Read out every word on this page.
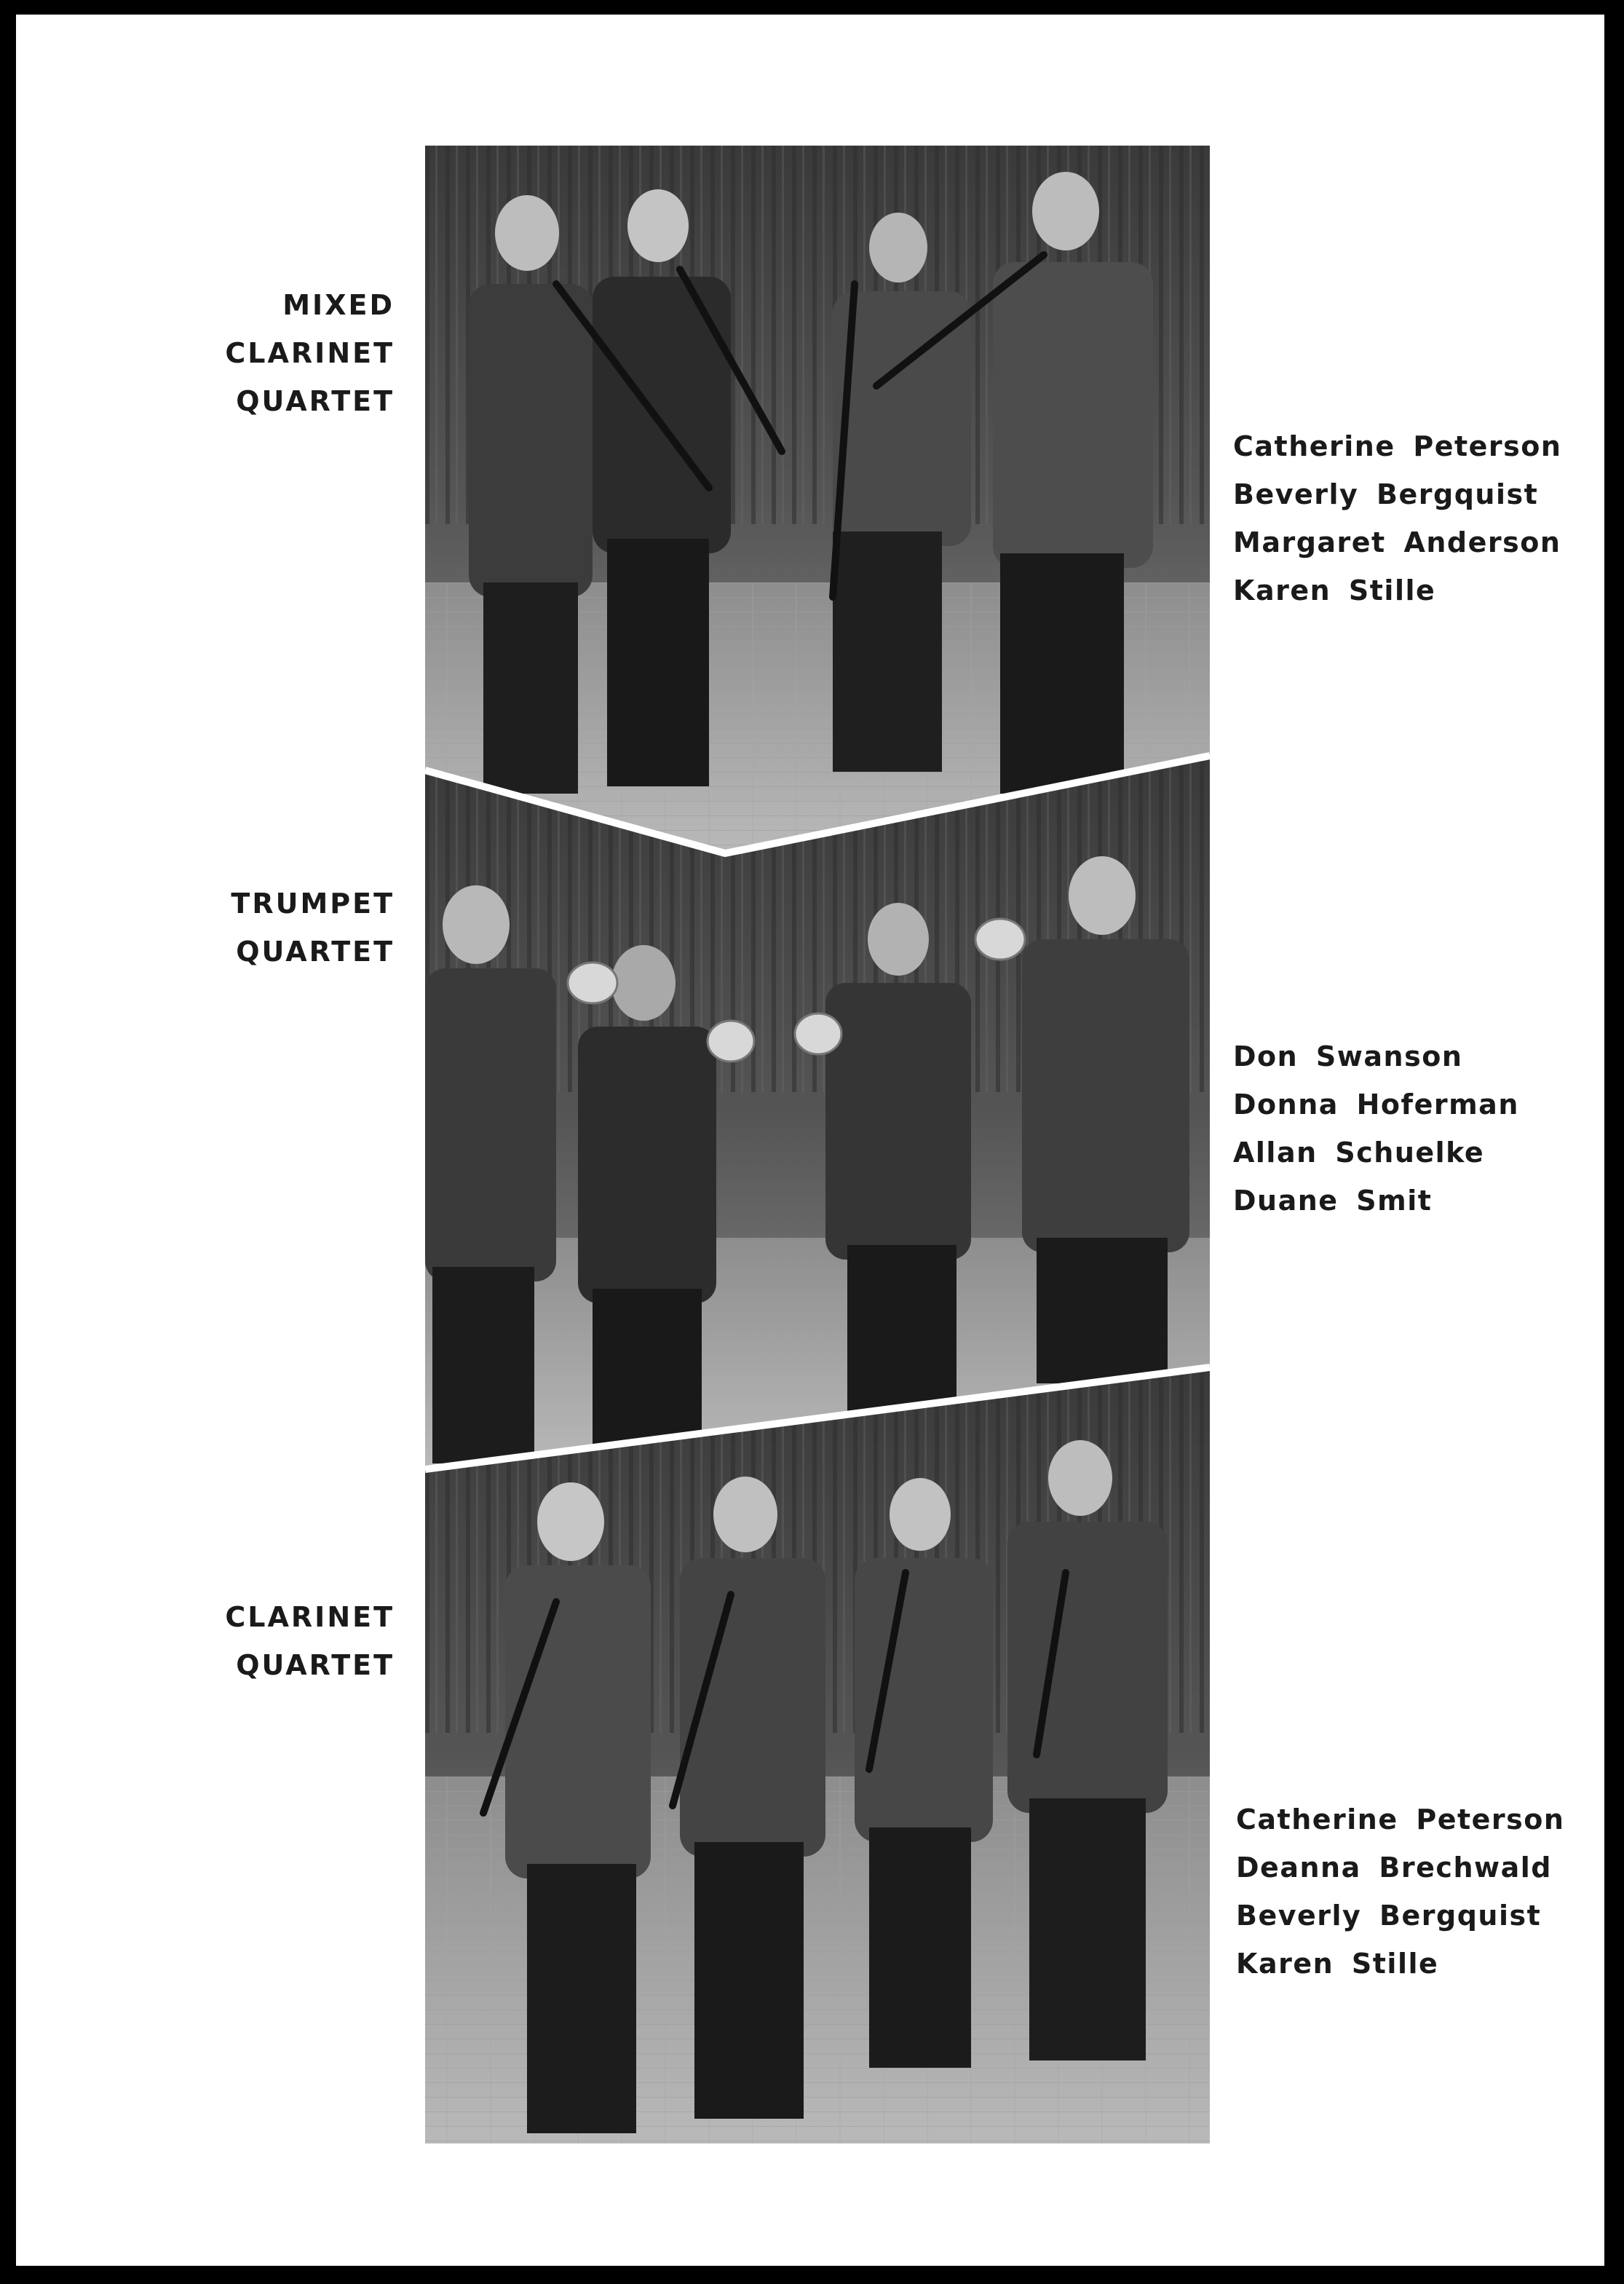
MIXED
CLARINET
QUARTET
TRUMPET
QUARTET
CLARINET
QUARTET
Catherine Peterson
Beverly Bergquist
Margaret Anderson
Karen Stille
Don Swanson
Donna Hoferman
Allan Schuelke
Duane Smit
Catherine Peterson
Deanna Brechwald
Beverly Bergquist
Karen Stille
